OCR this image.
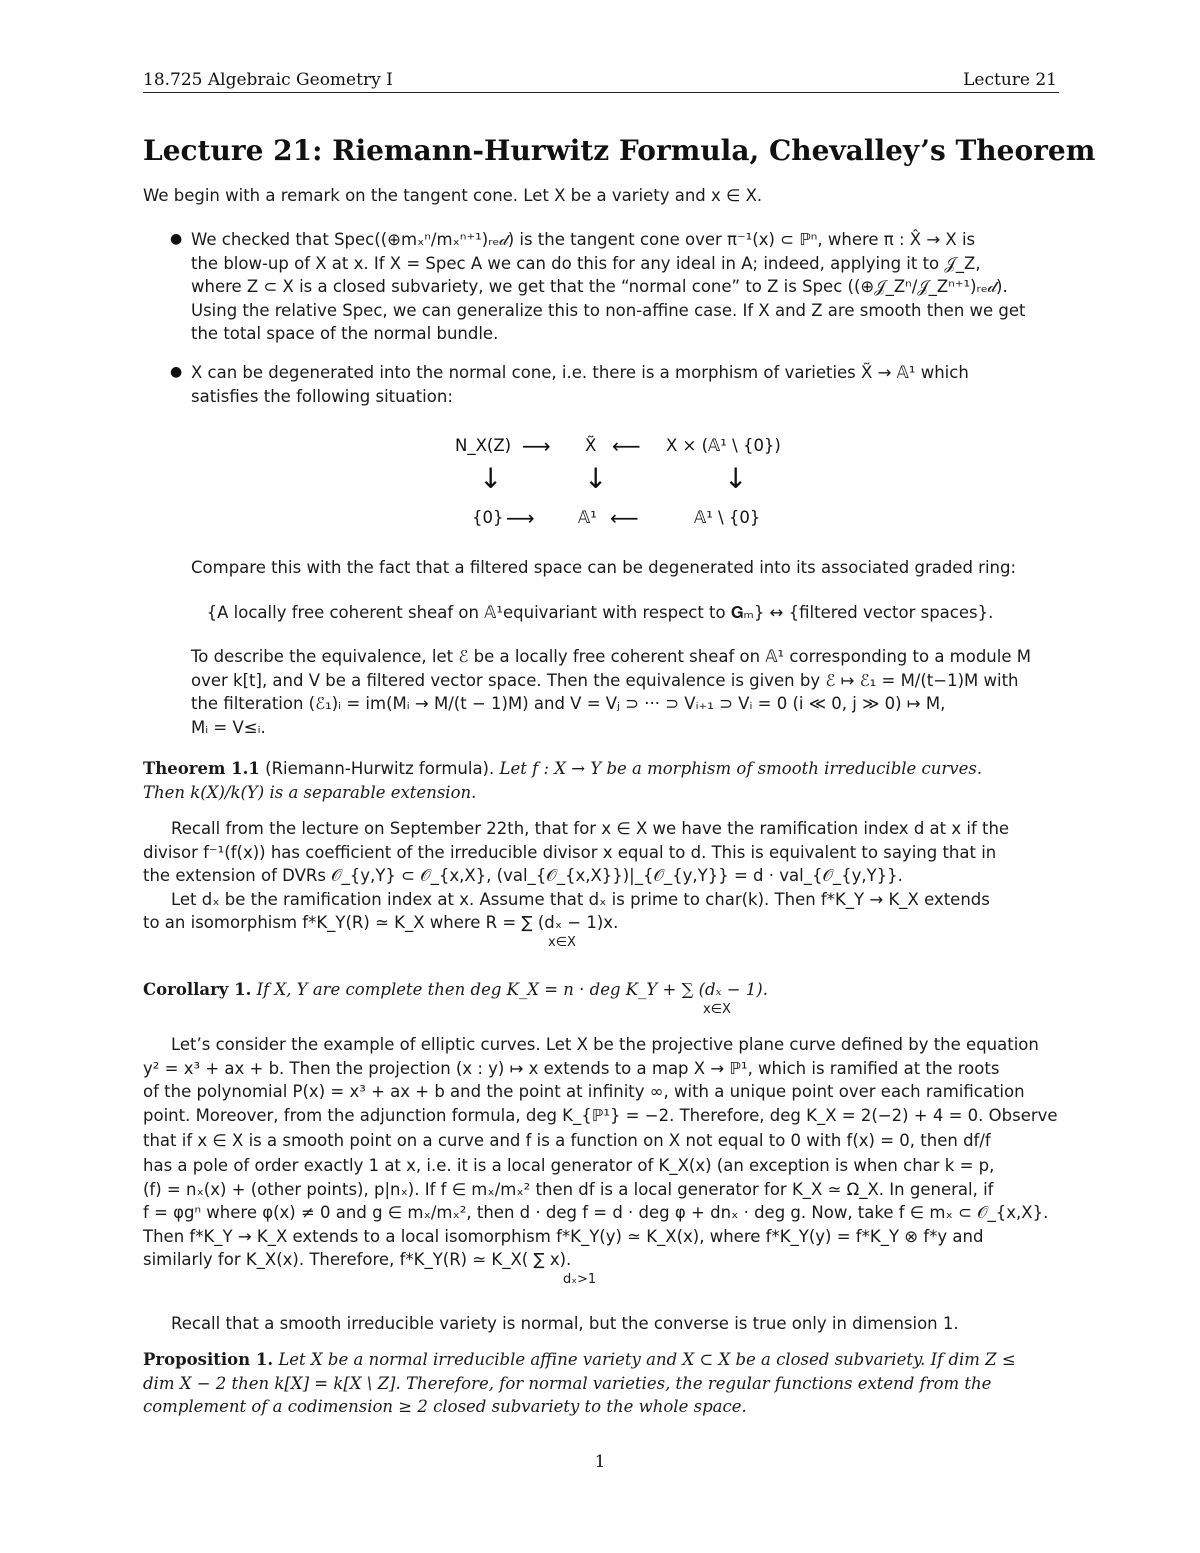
18.725 Algebraic Geometry I	Lecture 21
Lecture 21: Riemann-Hurwitz Formula, Chevalley’s Theorem
We begin with a remark on the tangent cone. Let X be a variety and x ∈ X.
● We checked that Spec((⊕mₓⁿ/mₓⁿ⁺¹)ᵣₑ𝒹) is the tangent cone over π⁻¹(x) ⊂ ℙⁿ, where π : X̂ → X is
the blow-up of X at x. If X = Spec A we can do this for any ideal in A; indeed, applying it to 𝒥_Z,
where Z ⊂ X is a closed subvariety, we get that the “normal cone” to Z is Spec ((⊕𝒥_Zⁿ/𝒥_Zⁿ⁺¹)ᵣₑ𝒹).
Using the relative Spec, we can generalize this to non-affine case. If X and Z are smooth then we get
the total space of the normal bundle.
● X can be degenerated into the normal cone, i.e. there is a morphism of varieties X̃ → 𝔸¹ which
satisfies the following situation:
N_X(Z) ⟶ X̃ ⟵ X × (𝔸¹ \ {0})
↓	↓	↓
{0} ⟶	𝔸¹ ⟵	𝔸¹ \ {0}
Compare this with the fact that a filtered space can be degenerated into its associated graded ring:
{A locally free coherent sheaf on 𝔸¹equivariant with respect to 𝐆ₘ} ↔ {filtered vector spaces}.
To describe the equivalence, let ℰ be a locally free coherent sheaf on 𝔸¹ corresponding to a module M
over k[t], and V be a filtered vector space. Then the equivalence is given by ℰ ↦ ℰ₁ = M/(t−1)M with
the filteration (ℰ₁)ᵢ = im(Mᵢ → M/(t − 1)M) and V = Vⱼ ⊃ ··· ⊃ Vᵢ₊₁ ⊃ Vᵢ = 0 (i ≪ 0, j ≫ 0) ↦ M,
Mᵢ = V≤ᵢ.
Theorem 1.1 (Riemann-Hurwitz formula). Let f : X → Y be a morphism of smooth irreducible curves.
Then k(X)/k(Y) is a separable extension.
Recall from the lecture on September 22th, that for x ∈ X we have the ramification index d at x if the
divisor f⁻¹(f(x)) has coefficient of the irreducible divisor x equal to d. This is equivalent to saying that in
the extension of DVRs 𝒪_{y,Y} ⊂ 𝒪_{x,X}, (val_{𝒪_{x,X}})|_{𝒪_{y,Y}} = d · val_{𝒪_{y,Y}}.
Let dₓ be the ramification index at x. Assume that dₓ is prime to char(k). Then f*K_Y → K_X extends
to an isomorphism f*K_Y(R) ≃ K_X where R = ∑ (dₓ − 1)x.
x∈X
Corollary 1. If X, Y are complete then deg K_X = n · deg K_Y + ∑ (dₓ − 1).
x∈X
Let’s consider the example of elliptic curves. Let X be the projective plane curve defined by the equation
y² = x³ + ax + b. Then the projection (x : y) ↦ x extends to a map X → ℙ¹, which is ramified at the roots
of the polynomial P(x) = x³ + ax + b and the point at infinity ∞, with a unique point over each ramification
point. Moreover, from the adjunction formula, deg K_{ℙ¹} = −2. Therefore, deg K_X = 2(−2) + 4 = 0. Observe
that if x ∈ X is a smooth point on a curve and f is a function on X not equal to 0 with f(x) = 0, then df/f
has a pole of order exactly 1 at x, i.e. it is a local generator of K_X(x) (an exception is when char k = p,
(f) = nₓ(x) + (other points), p|nₓ). If f ∈ mₓ/mₓ² then df is a local generator for K_X ≃ Ω_X. In general, if
f = φgⁿ where φ(x) ≠ 0 and g ∈ mₓ/mₓ², then d · deg f = d · deg φ + dnₓ · deg g. Now, take f ∈ mₓ ⊂ 𝒪_{x,X}.
Then f*K_Y → K_X extends to a local isomorphism f*K_Y(y) ≃ K_X(x), where f*K_Y(y) = f*K_Y ⊗ f*y and
similarly for K_X(x). Therefore, f*K_Y(R) ≃ K_X( ∑ x).
dₓ>1
Recall that a smooth irreducible variety is normal, but the converse is true only in dimension 1.
Proposition 1. Let X be a normal irreducible affine variety and X ⊂ X be a closed subvariety. If dim Z ≤
dim X − 2 then k[X] = k[X \ Z]. Therefore, for normal varieties, the regular functions extend from the
complement of a codimension ≥ 2 closed subvariety to the whole space.
1
